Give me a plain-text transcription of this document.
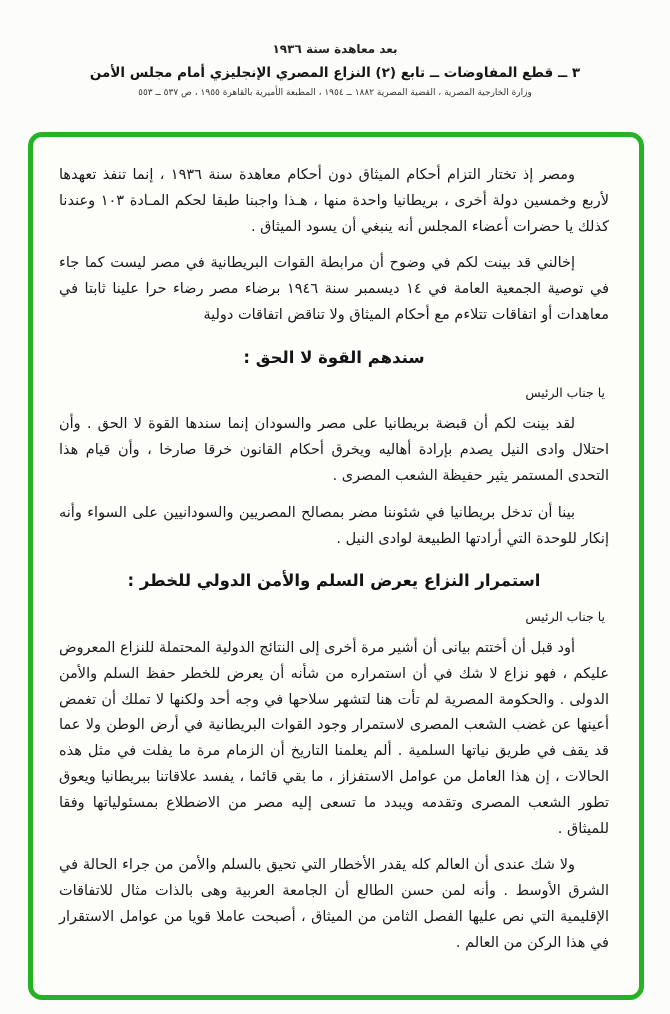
بعد معاهدة سنة ١٩٣٦
٣ ــ قطع المفاوضات ــ تابع (٢) النزاع المصري الإنجليزي أمام مجلس الأمن
وزارة الخارجية المصرية ، القضية المصرية ١٨٨٢ ــ ١٩٥٤ ، المطبعة الأميرية بالقاهرة ١٩٥٥ ، ص ٥٣٧ ــ ٥٥٣

ومصر إذ تختار التزام أحكام الميثاق دون أحكام معاهدة سنة ١٩٣٦ ، إنما تنفذ تعهدها لأربع وخمسين دولة أخرى ، بريطانيا واحدة منها ، هـذا واجبنا طبقا لحكم المـادة ١٠٣ وعندنا كذلك يا حضرات أعضاء المجلس أنه ينبغي أن يسود الميثاق .

إخالني قد بينت لكم في وضوح أن مرابطة القوات البريطانية في مصر ليست كما جاء في توصية الجمعية العامة في ١٤ ديسمبر سنة ١٩٤٦ برضاء مصر رضاء حرا علينا ثابتا في معاهدات أو اتفاقات تتلاءم مع أحكام الميثاق ولا تناقض اتفاقات دولية

سندهم القوة لا الحق :

يا جناب الرئيس

لقد بينت لكم أن قبضة بريطانيا على مصر والسودان إنما سندها القوة لا الحق . وأن احتلال وادى النيل يصدم بإرادة أهاليه ويخرق أحكام القانون خرقا صارخا ، وأن قيام هذا التحدى المستمر يثير حفيظة الشعب المصرى .

بينا أن تدخل بريطانيا في شئوننا مضر بمصالح المصريين والسودانيين على السواء وأنه إنكار للوحدة التي أرادتها الطبيعة لوادى النيل .

استمرار النزاع يعرض السلم والأمن الدولي للخطر :

يا جناب الرئيس

أود قبل أن أختتم بيانى أن أشير مرة أخرى إلى النتائج الدولية المحتملة للنزاع المعروض عليكم ، فهو نزاع لا شك في أن استمراره من شأنه أن يعرض للخطر حفظ السلم والأمن الدولى . والحكومة المصرية لم تأت هنا لتشهر سلاحها في وجه أحد ولكنها لا تملك أن تغمض أعينها عن غضب الشعب المصرى لاستمرار وجود القوات البريطانية في أرض الوطن ولا عما قد يقف في طريق نياتها السلمية . ألم يعلمنا التاريخ أن الزمام مرة ما يفلت في مثل هذه الحالات ، إن هذا العامل من عوامل الاستفزاز ، ما بقي قائما ، يفسد علاقاتنا ببريطانيا ويعوق تطور الشعب المصرى وتقدمه ويبدد ما تسعى إليه مصر من الاضطلاع بمسئولياتها وفقا للميثاق .

ولا شك عندى أن العالم كله يقدر الأخطار التي تحيق بالسلم والأمن من جراء الحالة في الشرق الأوسط . وأنه لمن حسن الطالع أن الجامعة العربية وهى بالذات مثال للاتفاقات الإقليمية التي نص عليها الفصل الثامن من الميثاق ، أصبحت عاملا قويا من عوامل الاستقرار في هذا الركن من العالم .
